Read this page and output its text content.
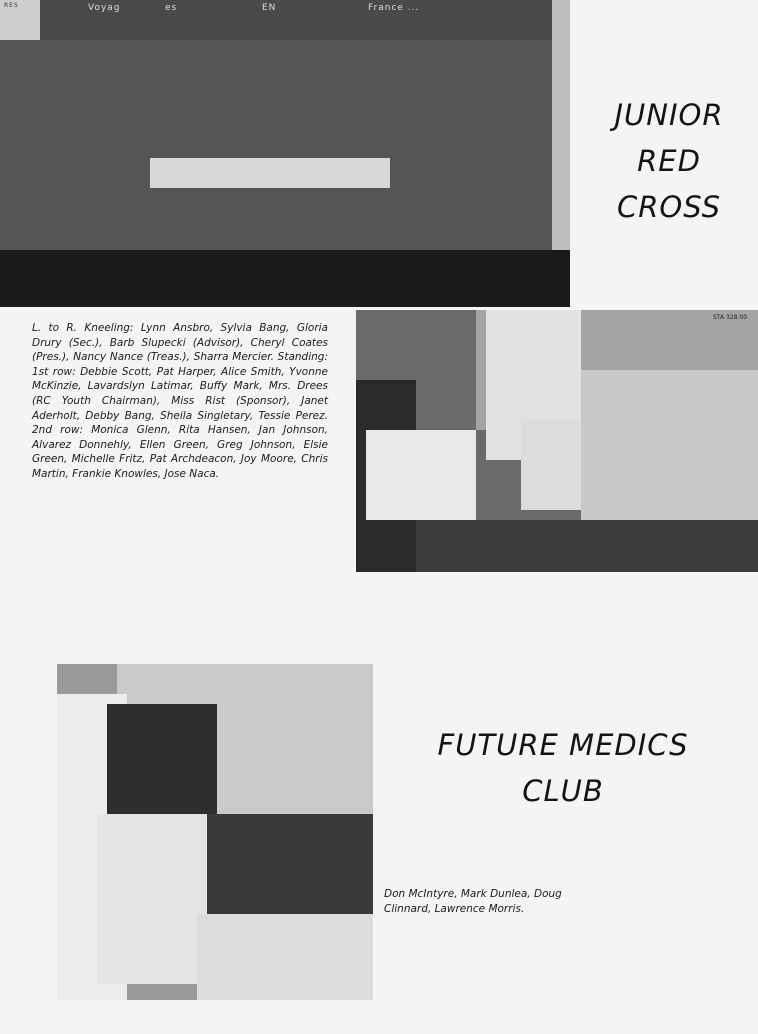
Voyag	es	EN	France ...
RES
JUNIOR
RED
CROSS
L. to R. Kneeling: Lynn Ansbro, Sylvia Bang, Gloria Drury (Sec.), Barb Slupecki (Advisor), Cheryl Coates (Pres.), Nancy Nance (Treas.), Sharra Mercier. Standing: 1st row: Debbie Scott, Pat Harper, Alice Smith, Yvonne McKinzie, Lavardslyn Latimar, Buffy Mark, Mrs. Drees (RC Youth Chairman), Miss Rist (Sponsor), Janet Aderholt, Debby Bang, Sheila Singletary, Tessie Perez. 2nd row: Monica Glenn, Rita Hansen, Jan Johnson, Alvarez Donnehly, Ellen Green, Greg Johnson, Elsie Green, Michelle Fritz, Pat Archdeacon, Joy Moore, Chris Martin, Frankie Knowles, Jose Naca.
STA 328.00
FUTURE MEDICS
CLUB
Don McIntyre, Mark Dunlea, Doug
Clinnard, Lawrence Morris.
